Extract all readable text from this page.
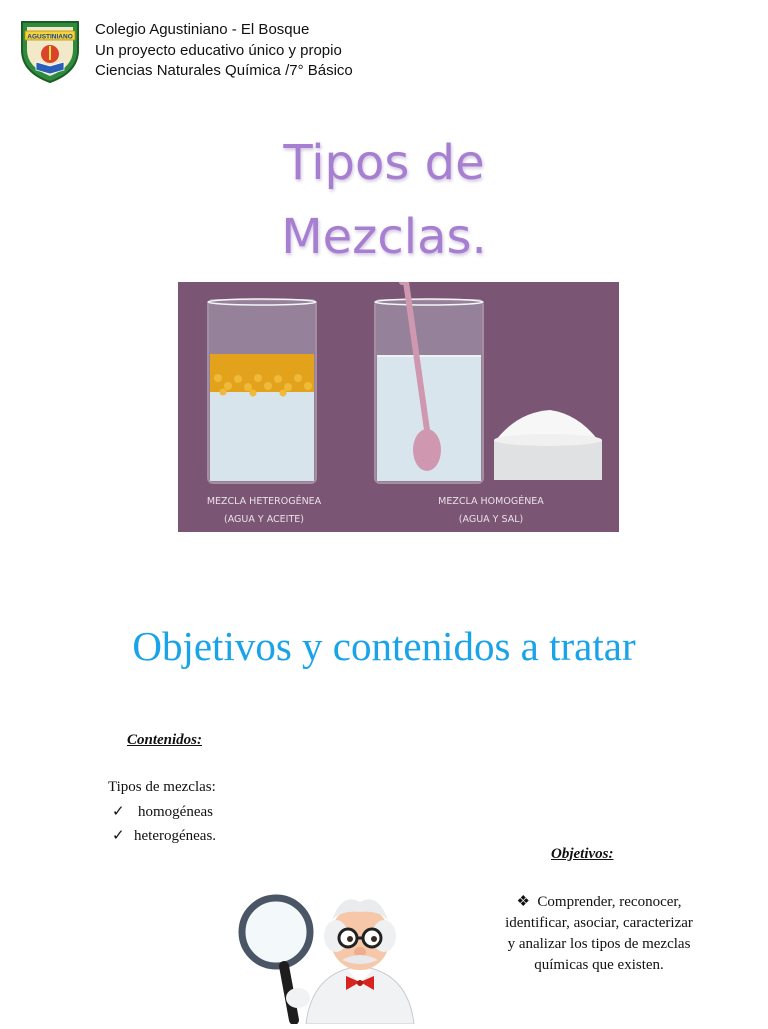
AGUSTINIANO Colegio Agustiniano - El Bosque
Un proyecto educativo único y propio
Ciencias Naturales Química /7° Básico
Tipos de
Mezclas.
MEZCLA HETEROGÉNEA
(AGUA Y ACEITE)
MEZCLA HOMOGÉNEA
(AGUA Y SAL)
Objetivos y contenidos a tratar
Contenidos:
Tipos de mezclas:
✓ homogéneas
✓ heterogéneas.
Objetivos:
❖ Comprender, reconocer,
identificar, asociar, caracterizar
y analizar los tipos de mezclas
químicas que existen.
